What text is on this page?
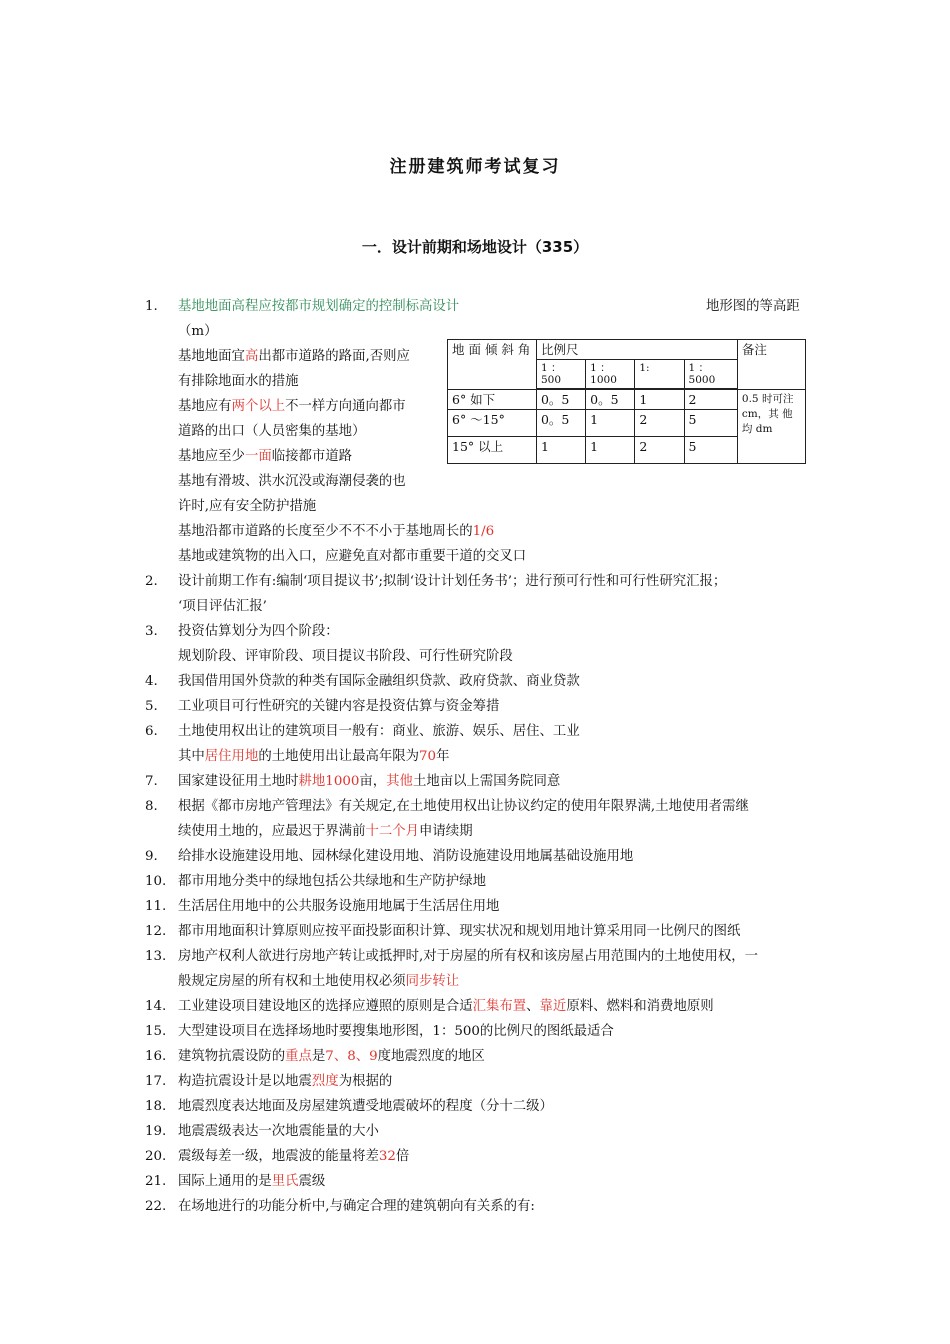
注册建筑师考试复习
一．设计前期和场地设计（335）
1.	基地地面高程应按都市规划确定的控制标高设计	地形图的等高距
（m）
基地地面宜高出都市道路的路面,否则应
有排除地面水的措施
基地应有两个以上不一样方向通向都市
道路的出口（人员密集的基地）
基地应至少一面临接都市道路
基地有滑坡、洪水沉没或海潮侵袭的也
许时,应有安全防护措施
基地沿都市道路的长度至少不不不小于基地周长的1/6
基地或建筑物的出入口，应避免直对都市重要干道的交叉口
地 面 倾 斜 角	比例尺				备注
	1 ： 500	1 ： 1000	1:	1 ： 5000	
6° 如下	0。5	0。5	1	2	0.5 时可注 cm，其 他 均 dm
6° ～15°	0。5	1	2	5	
15° 以上	1	1	2	5	
2.	设计前期工作有:编制‘项目提议书’;拟制‘设计计划任务书’；进行预可行性和可行性研究汇报；
‘项目评估汇报’
3.	投资估算划分为四个阶段：
规划阶段、评审阶段、项目提议书阶段、可行性研究阶段
4.	我国借用国外贷款的种类有国际金融组织贷款、政府贷款、商业贷款
5.	工业项目可行性研究的关键内容是投资估算与资金筹措
6.	土地使用权出让的建筑项目一般有：商业、旅游、娱乐、居住、工业
其中居住用地的土地使用出让最高年限为70年
7.	国家建设征用土地时耕地1000亩，其他土地亩以上需国务院同意
8.	根据《都市房地产管理法》有关规定,在土地使用权出让协议约定的使用年限界满,土地使用者需继
续使用土地的，应最迟于界满前十二个月申请续期
9.	给排水设施建设用地、园林绿化建设用地、消防设施建设用地属基础设施用地
10. 都市用地分类中的绿地包括公共绿地和生产防护绿地
11. 生活居住用地中的公共服务设施用地属于生活居住用地
12. 都市用地面积计算原则应按平面投影面积计算、现实状况和规划用地计算采用同一比例尺的图纸
13. 房地产权利人欲进行房地产转让或抵押时,对于房屋的所有权和该房屋占用范围内的土地使用权，一
般规定房屋的所有权和土地使用权必须同步转让
14. 工业建设项目建设地区的选择应遵照的原则是合适汇集布置、靠近原料、燃料和消费地原则
15. 大型建设项目在选择场地时要搜集地形图，1：500的比例尺的图纸最适合
16. 建筑物抗震设防的重点是7、8、9度地震烈度的地区
17. 构造抗震设计是以地震烈度为根据的
18. 地震烈度表达地面及房屋建筑遭受地震破坏的程度（分十二级）
19. 地震震级表达一次地震能量的大小
20. 震级每差一级，地震波的能量将差32倍
21. 国际上通用的是里氏震级
22. 在场地进行的功能分析中,与确定合理的建筑朝向有关系的有:
